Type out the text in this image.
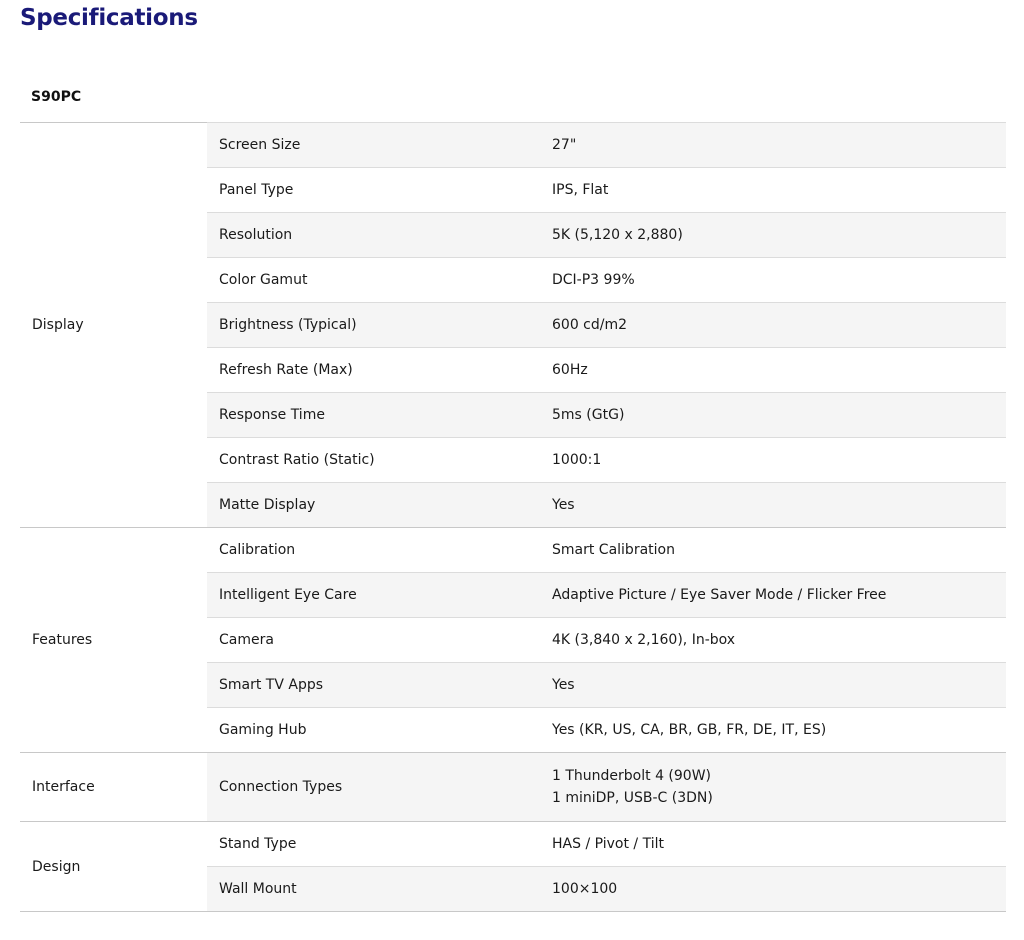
Specifications
S90PC
Display	Screen Size	27"
	Panel Type	IPS, Flat
	Resolution	5K (5,120 x 2,880)
	Color Gamut	DCI-P3 99%
	Brightness (Typical)	600 cd/m2
	Refresh Rate (Max)	60Hz
	Response Time	5ms (GtG)
	Contrast Ratio (Static)	1000:1
	Matte Display	Yes
Features	Calibration	Smart Calibration
	Intelligent Eye Care	Adaptive Picture / Eye Saver Mode / Flicker Free
	Camera	4K (3,840 x 2,160), In-box
	Smart TV Apps	Yes
	Gaming Hub	Yes (KR, US, CA, BR, GB, FR, DE, IT, ES)
Interface	Connection Types	1 Thunderbolt 4 (90W)
1 miniDP, USB-C (3DN)

Design	Stand Type	HAS / Pivot / Tilt
	Wall Mount	100×100
